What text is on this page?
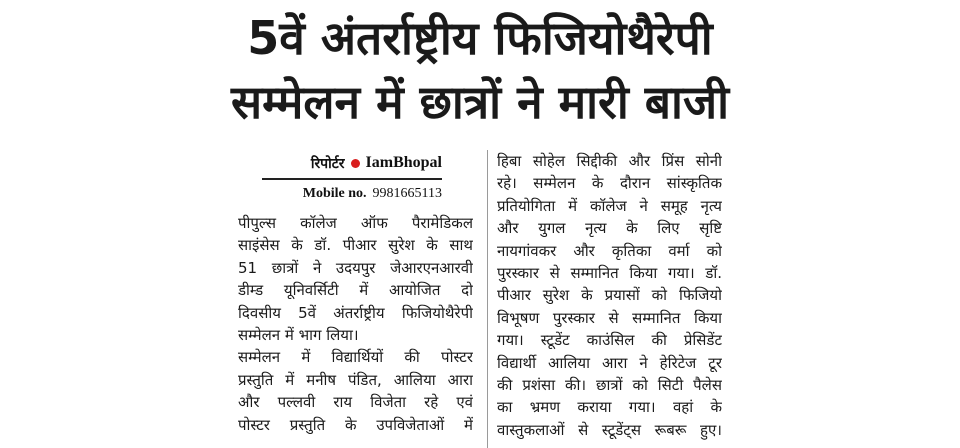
5वें अंतर्राष्ट्रीय फिजियोथैरेपी
सम्मेलन में छात्रों ने मारी बाजी
रिपोर्टर IamBhopal
Mobile no. 9981665113
पीपुल्स कॉलेज ऑफ पैरामेडिकल
साइंसेस के डॉ. पीआर सुरेश के साथ
51 छात्रों ने उदयपुर जेआरएनआरवी
डीम्ड यूनिवर्सिटी में आयोजित दो
दिवसीय 5वें अंतर्राष्ट्रीय फिजियोथैरेपी
सम्मेलन में भाग लिया।
सम्मेलन में विद्यार्थियों की पोस्टर
प्रस्तुति में मनीष पंडित, आलिया आरा
और पल्लवी राय विजेता रहे एवं
पोस्टर प्रस्तुति के उपविजेताओं में
हिबा सोहेल सिद्दीकी और प्रिंस सोनी
रहे। सम्मेलन के दौरान सांस्कृतिक
प्रतियोगिता में कॉलेज ने समूह नृत्य
और युगल नृत्य के लिए सृष्टि
नायगांवकर और कृतिका वर्मा को
पुरस्कार से सम्मानित किया गया। डॉ.
पीआर सुरेश के प्रयासों को फिजियो
विभूषण पुरस्कार से सम्मानित किया
गया। स्टूडेंट काउंसिल की प्रेसिडेंट
विद्यार्थी आलिया आरा ने हेरिटेज टूर
की प्रशंसा की। छात्रों को सिटी पैलेस
का भ्रमण कराया गया। वहां के
वास्तुकलाओं से स्टूडेंट्स रूबरू हुए।
